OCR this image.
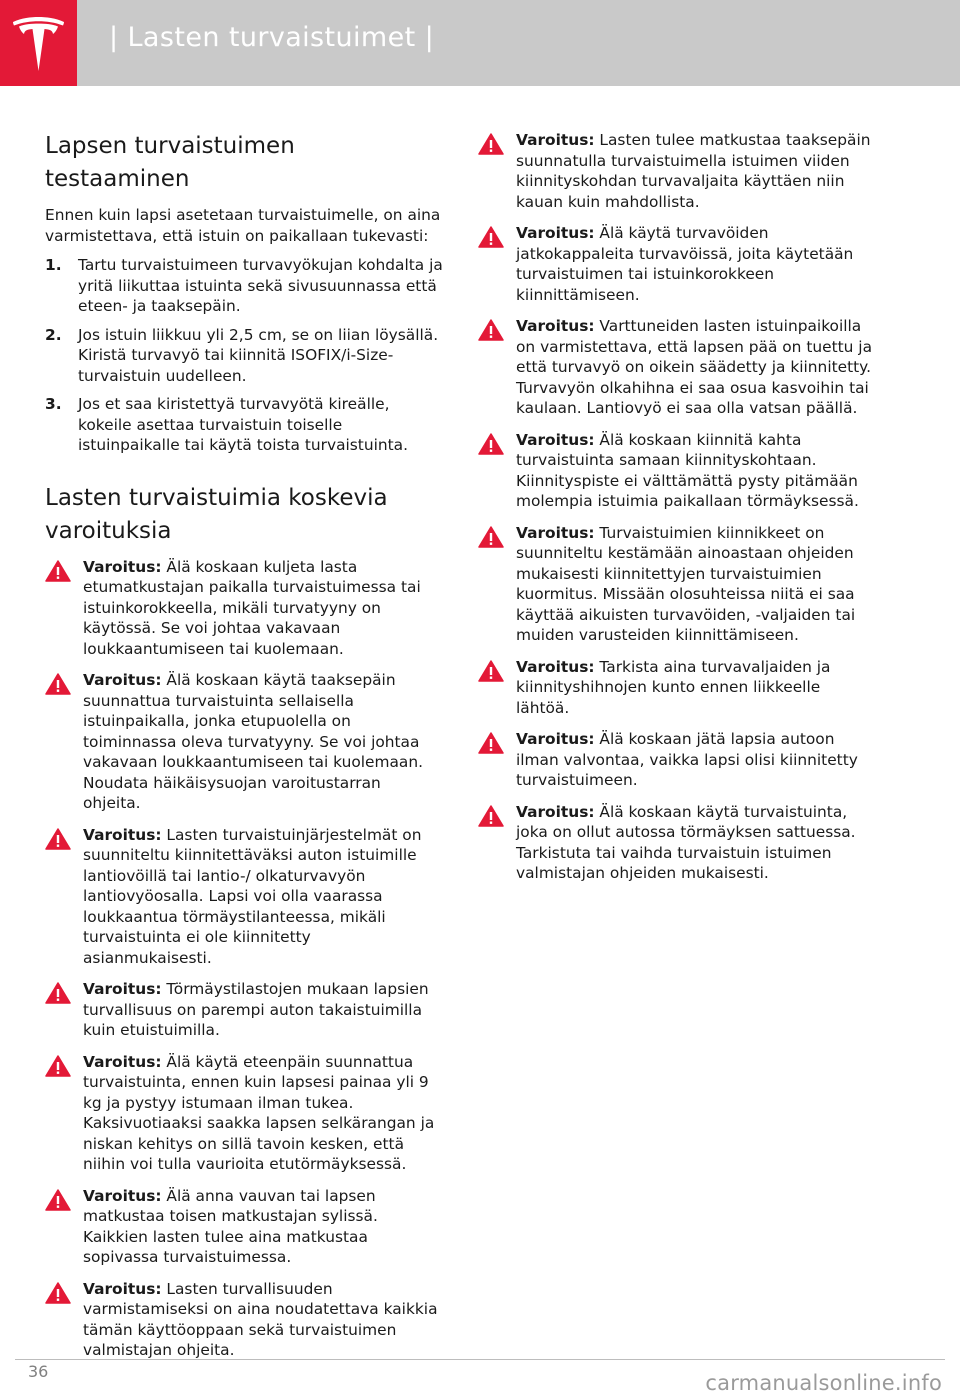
| Lasten turvaistuimet |
Lapsen turvaistuimen testaaminen

Ennen kuin lapsi asetetaan turvaistuimelle, on aina varmistettava, että istuin on paikallaan tukevasti:

1. Tartu turvaistuimeen turvavyökujan kohdalta ja yritä liikuttaa istuinta sekä sivusuunnassa että eteen- ja taaksepäin.
2. Jos istuin liikkuu yli 2,5 cm, se on liian löysällä. Kiristä turvavyö tai kiinnitä ISOFIX/i-Size-turvaistuin uudelleen.
3. Jos et saa kiristettyä turvavyötä kireälle, kokeile asettaa turvaistuin toiselle istuinpaikalle tai käytä toista turvaistuinta.
Lasten turvaistuimia koskevia varoituksia
Varoitus: Älä koskaan kuljeta lasta etumatkustajan paikalla turvaistuimessa tai istuinkorokkeella, mikäli turvatyyny on käytössä. Se voi johtaa vakavaan loukkaantumiseen tai kuolemaan.
Varoitus: Älä koskaan käytä taaksepäin suunnattua turvaistuinta sellaisella istuinpaikalla, jonka etupuolella on toiminnassa oleva turvatyyny. Se voi johtaa vakavaan loukkaantumiseen tai kuolemaan. Noudata häikäisysuojan varoitustarran ohjeita.
Varoitus: Lasten turvaistuinjärjestelmät on suunniteltu kiinnitettäväksi auton istuimille lantiovöillä tai lantio-/ olkaturvavyön lantiovyöosalla. Lapsi voi olla vaarassa loukkaantua törmäystilanteessa, mikäli turvaistuinta ei ole kiinnitetty asianmukaisesti.
Varoitus: Törmäystilastojen mukaan lapsien turvallisuus on parempi auton takaistuimilla kuin etuistuimilla.
Varoitus: Älä käytä eteenpäin suunnattua turvaistuinta, ennen kuin lapsesi painaa yli 9 kg ja pystyy istumaan ilman tukea. Kaksivuotiaaksi saakka lapsen selkärangan ja niskan kehitys on sillä tavoin kesken, että niihin voi tulla vaurioita etutörmäyksessä.
Varoitus: Älä anna vauvan tai lapsen matkustaa toisen matkustajan sylissä. Kaikkien lasten tulee aina matkustaa sopivassa turvaistuimessa.
Varoitus: Lasten turvallisuuden varmistamiseksi on aina noudatettava kaikkia tämän käyttöoppaan sekä turvaistuimen valmistajan ohjeita.
Varoitus: Lasten tulee matkustaa taaksepäin suunnatulla turvaistuimella istuimen viiden kiinnityskohdan turvavaljaita käyttäen niin kauan kuin mahdollista.
Varoitus: Älä käytä turvavöiden jatkokappaleita turvavöissä, joita käytetään turvaistuimen tai istuinkorokkeen kiinnittämiseen.
Varoitus: Varttuneiden lasten istuinpaikoilla on varmistettava, että lapsen pää on tuettu ja että turvavyö on oikein säädetty ja kiinnitetty. Turvavyön olkahihna ei saa osua kasvoihin tai kaulaan. Lantiovyö ei saa olla vatsan päällä.
Varoitus: Älä koskaan kiinnitä kahta turvaistuinta samaan kiinnityskohtaan. Kiinnityspiste ei välttämättä pysty pitämään molempia istuimia paikallaan törmäyksessä.
Varoitus: Turvaistuimien kiinnikkeet on suunniteltu kestämään ainoastaan ohjeiden mukaisesti kiinnitettyjen turvaistuimien kuormitus. Missään olosuhteissa niitä ei saa käyttää aikuisten turvavöiden, -valjaiden tai muiden varusteiden kiinnittämiseen.
Varoitus: Tarkista aina turvavaljaiden ja kiinnityshihnojen kunto ennen liikkeelle lähtöä.
Varoitus: Älä koskaan jätä lapsia autoon ilman valvontaa, vaikka lapsi olisi kiinnitetty turvaistuimeen.
Varoitus: Älä koskaan käytä turvaistuinta, joka on ollut autossa törmäyksen sattuessa. Tarkistuta tai vaihda turvaistuin istuimen valmistajan ohjeiden mukaisesti.
36	carmanualsonline.info
